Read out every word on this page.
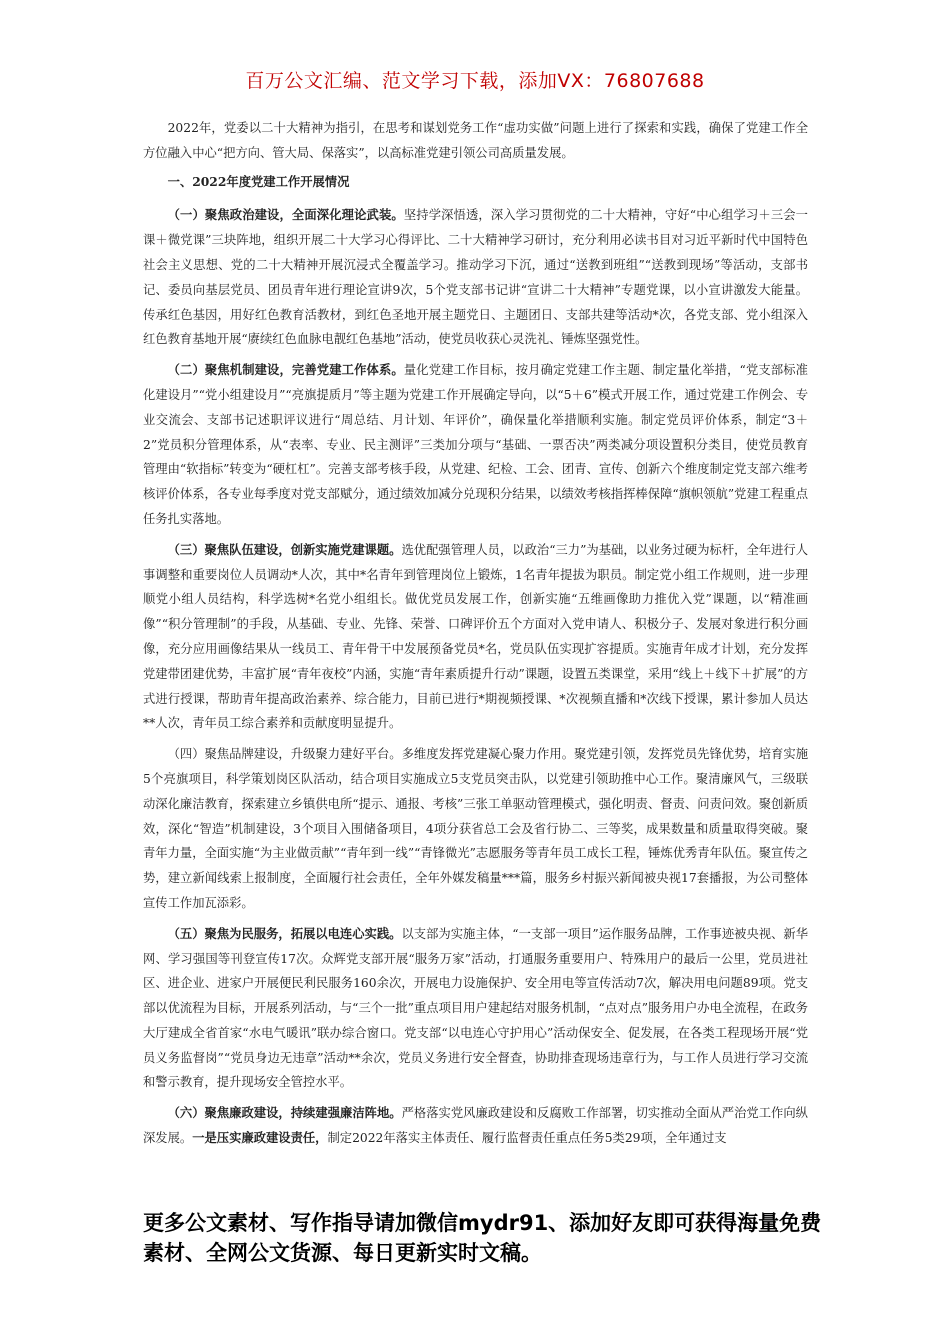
百万公文汇编、范文学习下载，添加VX：76807688

2022年，党委以二十大精神为指引，在思考和谋划党务工作“虚功实做”问题上进行了探索和实践，确保了党建工作全方位融入中心“把方向、管大局、保落实”，以高标准党建引领公司高质量发展。

一、2022年度党建工作开展情况

（一）聚焦政治建设，全面深化理论武装。坚持学深悟透，深入学习贯彻党的二十大精神，守好“中心组学习＋三会一课＋微党课”三块阵地，组织开展二十大学习心得评比、二十大精神学习研讨，充分利用必读书目对习近平新时代中国特色社会主义思想、党的二十大精神开展沉浸式全覆盖学习。推动学习下沉，通过“送教到班组”“送教到现场”等活动，支部书记、委员向基层党员、团员青年进行理论宣讲9次，5个党支部书记讲“宣讲二十大精神”专题党课，以小宣讲激发大能量。传承红色基因，用好红色教育活教材，到红色圣地开展主题党日、主题团日、支部共建等活动*次，各党支部、党小组深入红色教育基地开展“赓续红色血脉电靓红色基地”活动，使党员收获心灵洗礼、锤炼坚强党性。

（二）聚焦机制建设，完善党建工作体系。量化党建工作目标，按月确定党建工作主题、制定量化举措，“党支部标准化建设月”“党小组建设月”“亮旗提质月”等主题为党建工作开展确定导向，以“5＋6”模式开展工作，通过党建工作例会、专业交流会、支部书记述职评议进行“周总结、月计划、年评价”，确保量化举措顺利实施。制定党员评价体系，制定“3＋2”党员积分管理体系，从“表率、专业、民主测评”三类加分项与“基础、一票否决”两类减分项设置积分类目，使党员教育管理由“软指标”转变为“硬杠杠”。完善支部考核手段，从党建、纪检、工会、团青、宣传、创新六个维度制定党支部六维考核评价体系，各专业每季度对党支部赋分，通过绩效加减分兑现积分结果，以绩效考核指挥棒保障“旗帜领航”党建工程重点任务扎实落地。

（三）聚焦队伍建设，创新实施党建课题。选优配强管理人员，以政治“三力”为基础，以业务过硬为标杆，全年进行人事调整和重要岗位人员调动*人次，其中*名青年到管理岗位上锻炼，1名青年提拔为职员。制定党小组工作规则，进一步理顺党小组人员结构，科学选树*名党小组组长。做优党员发展工作，创新实施“五维画像助力推优入党”课题，以“精准画像”“积分管理制”的手段，从基础、专业、先锋、荣誉、口碑评价五个方面对入党申请人、积极分子、发展对象进行积分画像，充分应用画像结果从一线员工、青年骨干中发展预备党员*名，党员队伍实现扩容提质。实施青年成才计划，充分发挥党建带团建优势，丰富扩展“青年夜校”内涵，实施“青年素质提升行动”课题，设置五类课堂，采用“线上＋线下＋扩展”的方式进行授课，帮助青年提高政治素养、综合能力，目前已进行*期视频授课、*次视频直播和*次线下授课，累计参加人员达**人次，青年员工综合素养和贡献度明显提升。

（四）聚焦品牌建设，升级聚力建好平台。多维度发挥党建凝心聚力作用。聚党建引领，发挥党员先锋优势，培育实施5个亮旗项目，科学策划岗区队活动，结合项目实施成立5支党员突击队，以党建引领助推中心工作。聚清廉风气，三级联动深化廉洁教育，探索建立乡镇供电所“提示、通报、考核”三张工单驱动管理模式，强化明责、督责、问责问效。聚创新质效，深化“智造”机制建设，3个项目入围储备项目，4项分获省总工会及省行协二、三等奖，成果数量和质量取得突破。聚青年力量，全面实施“为主业做贡献”“青年到一线”“青锋微光”志愿服务等青年员工成长工程，锤炼优秀青年队伍。聚宣传之势，建立新闻线索上报制度，全面履行社会责任，全年外媒发稿量***篇，服务乡村振兴新闻被央视17套播报，为公司整体宣传工作加瓦添彩。

（五）聚焦为民服务，拓展以电连心实践。以支部为实施主体，“一支部一项目”运作服务品牌，工作事迹被央视、新华网、学习强国等刊登宣传17次。众辉党支部开展“服务万家”活动，打通服务重要用户、特殊用户的最后一公里，党员进社区、进企业、进家户开展便民利民服务160余次，开展电力设施保护、安全用电等宣传活动7次，解决用电问题89项。党支部以优流程为目标，开展系列活动，与“三个一批”重点项目用户建起结对服务机制，“点对点”服务用户办电全流程，在政务大厅建成全省首家“水电气暖讯”联办综合窗口。党支部“以电连心守护用心”活动保安全、促发展，在各类工程现场开展“党员义务监督岗”“党员身边无违章”活动**余次，党员义务进行安全督查，协助排查现场违章行为，与工作人员进行学习交流和警示教育，提升现场安全管控水平。

（六）聚焦廉政建设，持续建强廉洁阵地。严格落实党风廉政建设和反腐败工作部署，切实推动全面从严治党工作向纵深发展。一是压实廉政建设责任，制定2022年落实主体责任、履行监督责任重点任务5类29项，全年通过支

更多公文素材、写作指导请加微信mydr91、添加好友即可获得海量免费素材、全网公文货源、每日更新实时文稿。
